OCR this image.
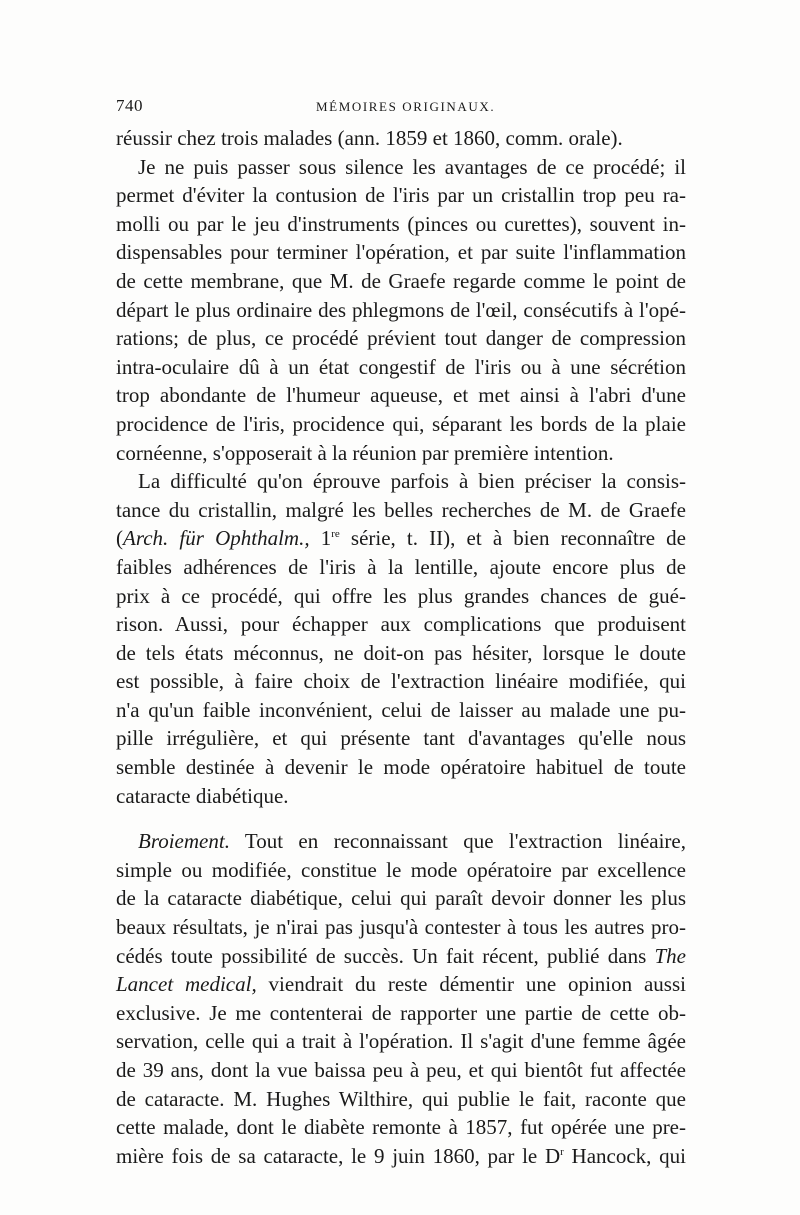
740	MÉMOIRES ORIGINAUX.
réussir chez trois malades (ann. 1859 et 1860, comm. orale).
Je ne puis passer sous silence les avantages de ce procédé; il
permet d'éviter la contusion de l'iris par un cristallin trop peu ra-
molli ou par le jeu d'instruments (pinces ou curettes), souvent in-
dispensables pour terminer l'opération, et par suite l'inflammation
de cette membrane, que M. de Graefe regarde comme le point de
départ le plus ordinaire des phlegmons de l'œil, consécutifs à l'opé-
rations; de plus, ce procédé prévient tout danger de compression
intra-oculaire dû à un état congestif de l'iris ou à une sécrétion
trop abondante de l'humeur aqueuse, et met ainsi à l'abri d'une
procidence de l'iris, procidence qui, séparant les bords de la plaie
cornéenne, s'opposerait à la réunion par première intention.
La difficulté qu'on éprouve parfois à bien préciser la consis-
tance du cristallin, malgré les belles recherches de M. de Graefe
(Arch. für Ophthalm., 1re série, t. II), et à bien reconnaître de
faibles adhérences de l'iris à la lentille, ajoute encore plus de
prix à ce procédé, qui offre les plus grandes chances de gué-
rison. Aussi, pour échapper aux complications que produisent
de tels états méconnus, ne doit-on pas hésiter, lorsque le doute
est possible, à faire choix de l'extraction linéaire modifiée, qui
n'a qu'un faible inconvénient, celui de laisser au malade une pu-
pille irrégulière, et qui présente tant d'avantages qu'elle nous
semble destinée à devenir le mode opératoire habituel de toute
cataracte diabétique.
Broiement. Tout en reconnaissant que l'extraction linéaire,
simple ou modifiée, constitue le mode opératoire par excellence
de la cataracte diabétique, celui qui paraît devoir donner les plus
beaux résultats, je n'irai pas jusqu'à contester à tous les autres pro-
cédés toute possibilité de succès. Un fait récent, publié dans The
Lancet medical, viendrait du reste démentir une opinion aussi
exclusive. Je me contenterai de rapporter une partie de cette ob-
servation, celle qui a trait à l'opération. Il s'agit d'une femme âgée
de 39 ans, dont la vue baissa peu à peu, et qui bientôt fut affectée
de cataracte. M. Hughes Wilthire, qui publie le fait, raconte que
cette malade, dont le diabète remonte à 1857, fut opérée une pre-
mière fois de sa cataracte, le 9 juin 1860, par le $D^r$ Hancock, qui
